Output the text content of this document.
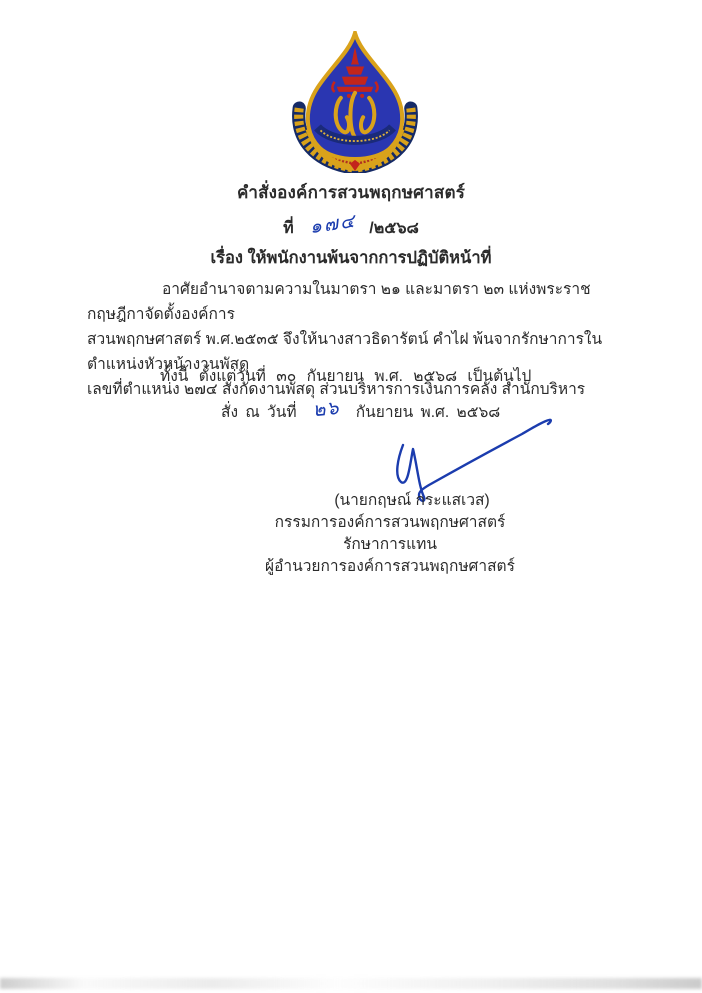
คำสั่งองค์การสวนพฤกษศาสตร์
ที่ ๑๗๔ /๒๕๖๘
เรื่อง ให้พนักงานพ้นจากการปฏิบัติหน้าที่
อาศัยอำนาจตามความในมาตรา ๒๑ และมาตรา ๒๓ แห่งพระราชกฤษฎีกาจัดตั้งองค์การ
สวนพฤกษศาสตร์ พ.ศ.๒๕๓๕ จึงให้นางสาวธิดารัตน์ คำไฝ พ้นจากรักษาการในตำแหน่งหัวหน้างานพัสดุ
เลขที่ตำแหน่ง ๒๗๔ สังกัดงานพัสดุ ส่วนบริหารการเงินการคลัง สำนักบริหาร
ทั้งนี้ ตั้งแต่วันที่ ๓๐ กันยายน พ.ศ. ๒๕๖๘ เป็นต้นไป
สั่ง ณ วันที่ ๒๖ กันยายน พ.ศ. ๒๕๖๘
(นายกฤษณ์ กระแสเวส)
กรรมการองค์การสวนพฤกษศาสตร์ รักษาการแทน
ผู้อำนวยการองค์การสวนพฤกษศาสตร์
